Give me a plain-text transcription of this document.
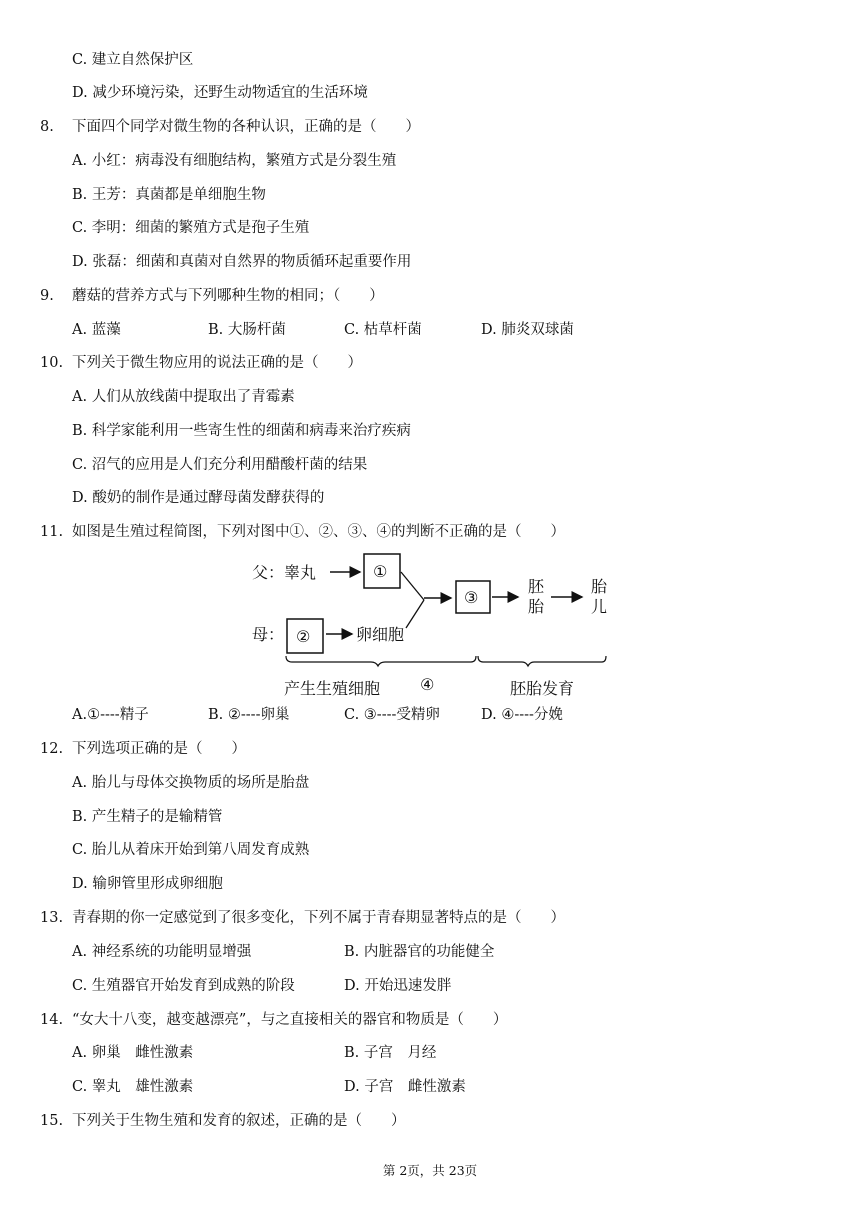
C. 建立自然保护区
D. 减少环境污染，还野生动物适宜的生活环境
8. 下面四个同学对微生物的各种认识，正确的是（　　）
A. 小红：病毒没有细胞结构，繁殖方式是分裂生殖
B. 王芳：真菌都是单细胞生物
C. 李明：细菌的繁殖方式是孢子生殖
D. 张磊：细菌和真菌对自然界的物质循环起重要作用
9. 蘑菇的营养方式与下列哪种生物的相同；（　　）
A. 蓝藻	B. 大肠杆菌	C. 枯草杆菌	D. 肺炎双球菌
10. 下列关于微生物应用的说法正确的是（　　）
A. 人们从放线菌中提取出了青霉素
B. 科学家能利用一些寄生性的细菌和病毒来治疗疾病
C. 沼气的应用是人们充分利用醋酸杆菌的结果
D. 酸奶的制作是通过酵母菌发酵获得的
11. 如图是生殖过程简图，下列对图中①、②、③、④的判断不正确的是（　　）
父：睾丸	①
③
胚
胎
胎
儿
母： ②	卵细胞
产生生殖细胞 ④	胚胎发育
A.①----精子	B. ②----卵巢	C. ③----受精卵	D. ④----分娩
12. 下列选项正确的是（　　）
A. 胎儿与母体交换物质的场所是胎盘
B. 产生精子的是输精管
C. 胎儿从着床开始到第八周发育成熟
D. 输卵管里形成卵细胞
13. 青春期的你一定感觉到了很多变化，下列不属于青春期显著特点的是（　　）
A. 神经系统的功能明显增强	B. 内脏器官的功能健全
C. 生殖器官开始发育到成熟的阶段	D. 开始迅速发胖
14. “女大十八变，越变越漂亮”，与之直接相关的器官和物质是（　　）
A. 卵巢　雌性激素	B. 子宫　月经
C. 睾丸　雄性激素	D. 子宫　雌性激素
15. 下列关于生物生殖和发育的叙述，正确的是（　　）
第 2页，共 23页
